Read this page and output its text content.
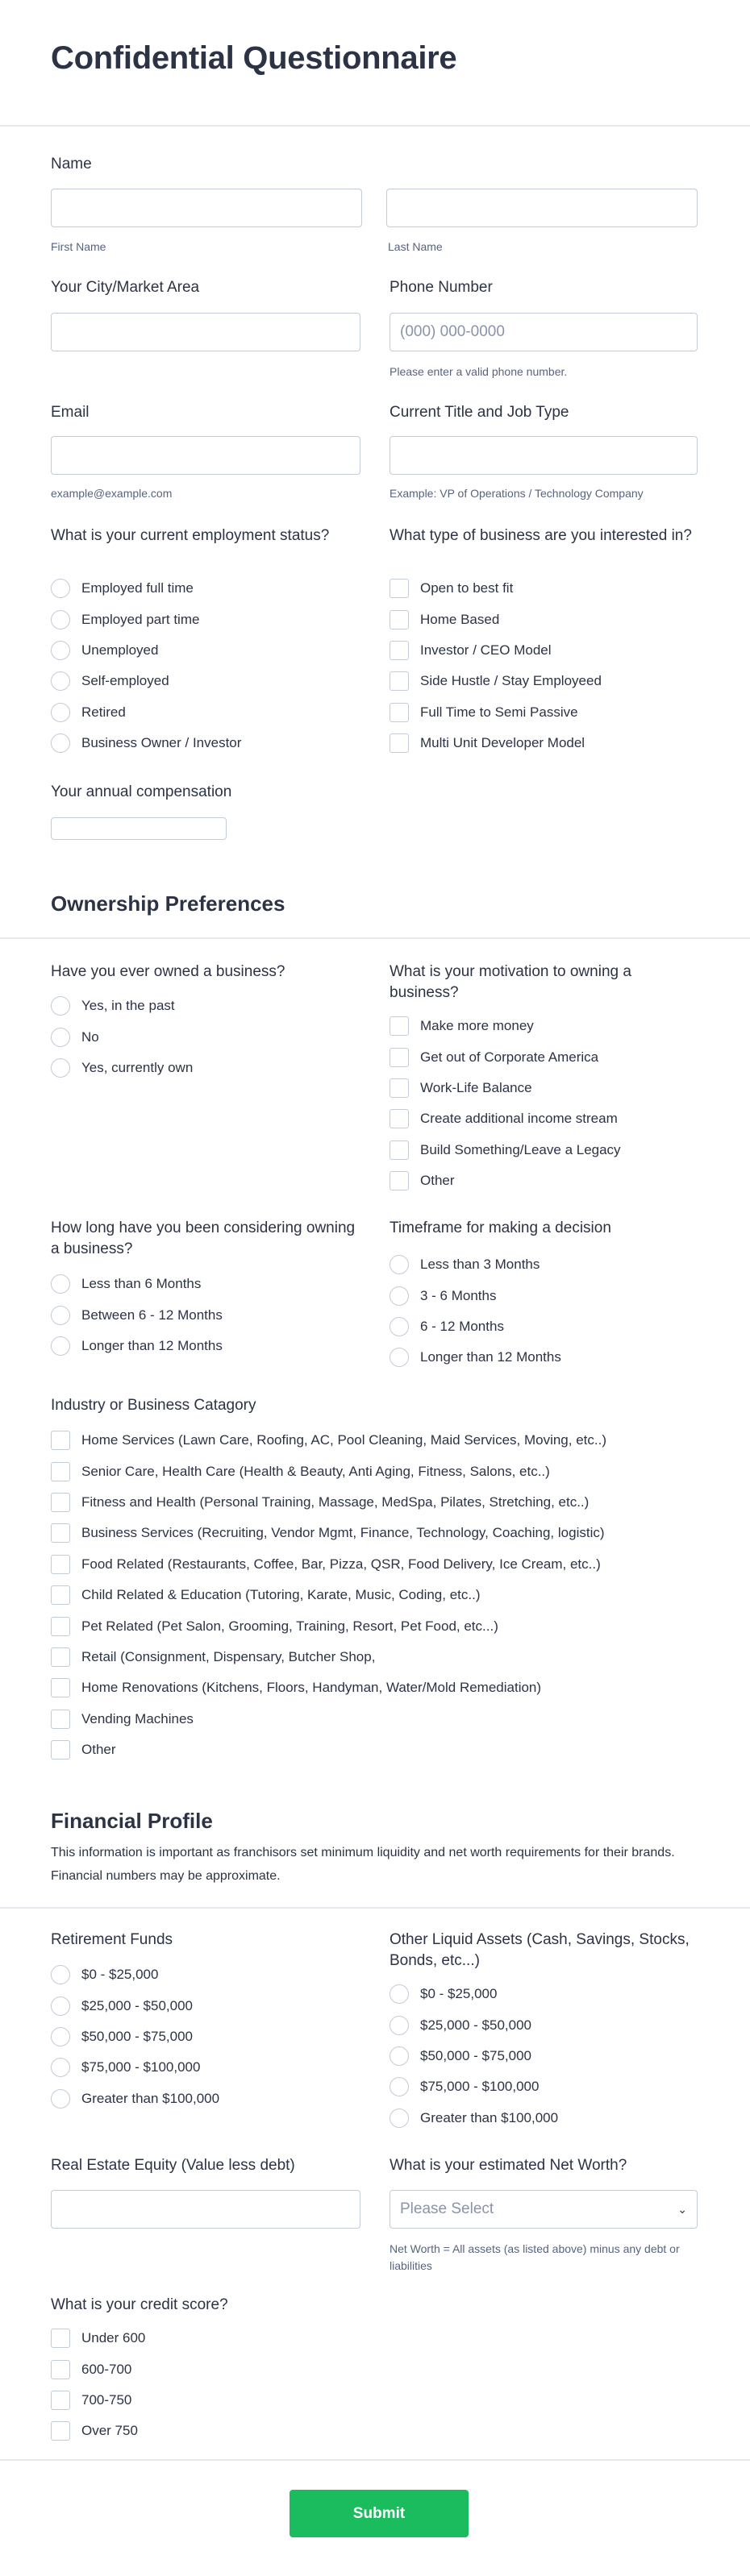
Confidential Questionnaire
Name
First Name	Last Name
Your City/Market Area	Phone Number
(000) 000-0000
Please enter a valid phone number.
Email	Current Title and Job Type
example@example.com	Example: VP of Operations / Technology Company
What is your current employment status?
Employed full time
Employed part time
Unemployed
Self-employed
Retired
Business Owner / Investor
What type of business are you interested in?
Open to best fit
Home Based
Investor / CEO Model
Side Hustle / Stay Employeed
Full Time to Semi Passive
Multi Unit Developer Model
Your annual compensation
Ownership Preferences
Have you ever owned a business?
Yes, in the past
No
Yes, currently own
What is your motivation to owning a business?
Make more money
Get out of Corporate America
Work-Life Balance
Create additional income stream
Build Something/Leave a Legacy
Other
How long have you been considering owning a business?
Less than 6 Months
Between 6 - 12 Months
Longer than 12 Months
Timeframe for making a decision
Less than 3 Months
3 - 6 Months
6 - 12 Months
Longer than 12 Months
Industry or Business Catagory
Home Services (Lawn Care, Roofing, AC, Pool Cleaning, Maid Services, Moving, etc..)
Senior Care, Health Care (Health & Beauty, Anti Aging, Fitness, Salons, etc..)
Fitness and Health (Personal Training, Massage, MedSpa, Pilates, Stretching, etc..)
Business Services (Recruiting, Vendor Mgmt, Finance, Technology, Coaching, logistic)
Food Related (Restaurants, Coffee, Bar, Pizza, QSR, Food Delivery, Ice Cream, etc..)
Child Related & Education (Tutoring, Karate, Music, Coding, etc..)
Pet Related (Pet Salon, Grooming, Training, Resort, Pet Food, etc...)
Retail (Consignment, Dispensary, Butcher Shop,
Home Renovations (Kitchens, Floors, Handyman, Water/Mold Remediation)
Vending Machines
Other
Financial Profile
This information is important as franchisors set minimum liquidity and net worth requirements for their brands. Financial numbers may be approximate.
Retirement Funds
$0 - $25,000
$25,000 - $50,000
$50,000 - $75,000
$75,000 - $100,000
Greater than $100,000
Other Liquid Assets (Cash, Savings, Stocks, Bonds, etc...)
$0 - $25,000
$25,000 - $50,000
$50,000 - $75,000
$75,000 - $100,000
Greater than $100,000
Real Estate Equity (Value less debt)	What is your estimated Net Worth?
Please Select	⌄
Net Worth = All assets (as listed above) minus any debt or liabilities
What is your credit score?
Under 600
600-700
700-750
Over 750
Submit
